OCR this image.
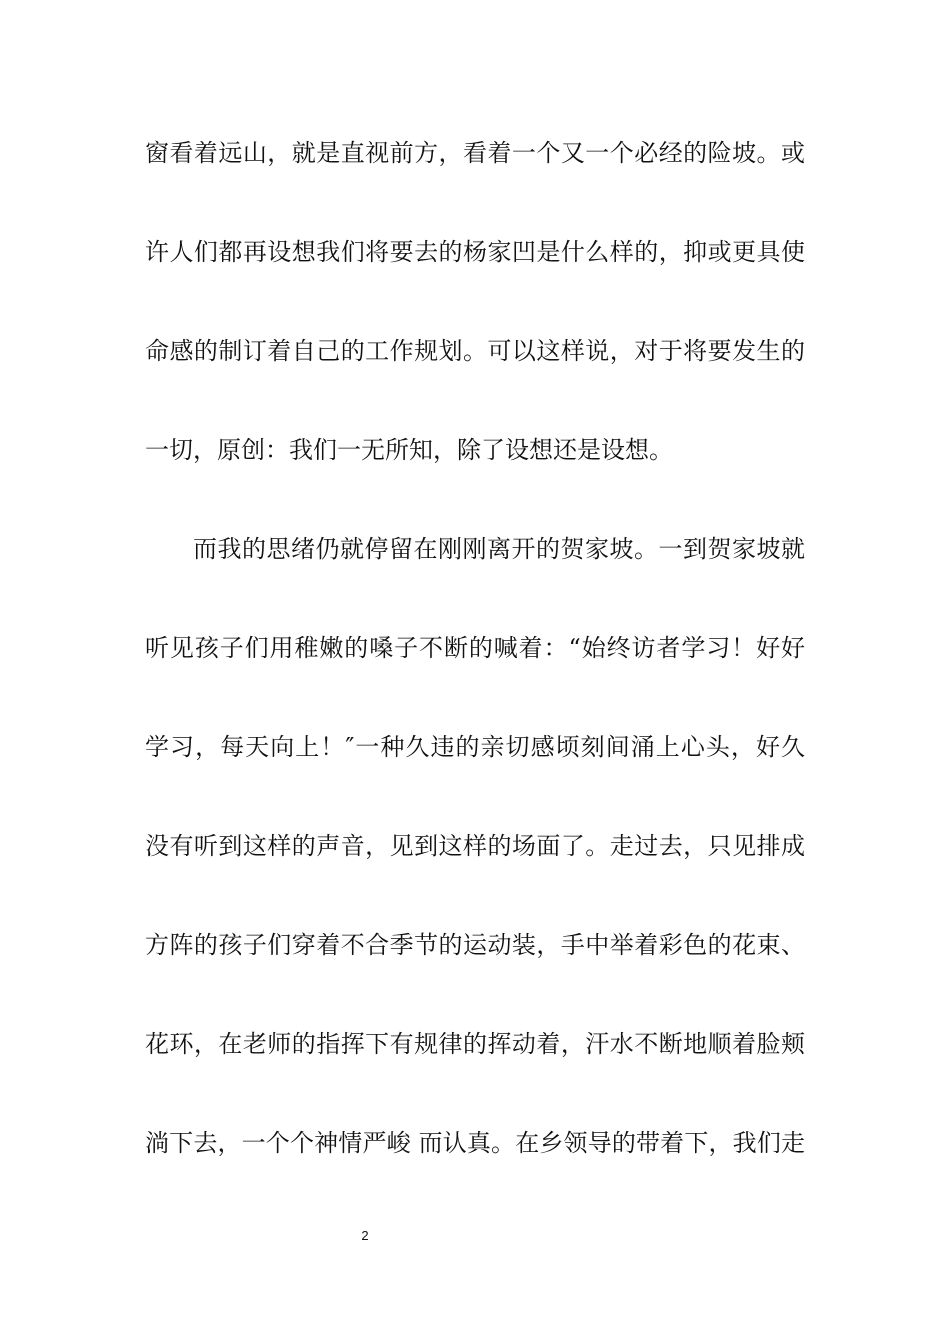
窗看着远山，就是直视前方，看着一个又一个必经的险坡。或
许人们都再设想我们将要去的杨家凹是什么样的，抑或更具使
命感的制订着自己的工作规划。可以这样说，对于将要发生的
一切，原创：我们一无所知，除了设想还是设想。
而我的思绪仍就停留在刚刚离开的贺家坡。一到贺家坡就
听见孩子们用稚嫩的嗓子不断的喊着：“始终访者学习！好好
学习，每天向上！″一种久违的亲切感顷刻间涌上心头，好久
没有听到这样的声音，见到这样的场面了。走过去，只见排成
方阵的孩子们穿着不合季节的运动装，手中举着彩色的花束、
花环，在老师的指挥下有规律的挥动着，汗水不断地顺着脸颊
淌下去，一个个神情严峻 而认真。在乡领导的带着下，我们走
2
